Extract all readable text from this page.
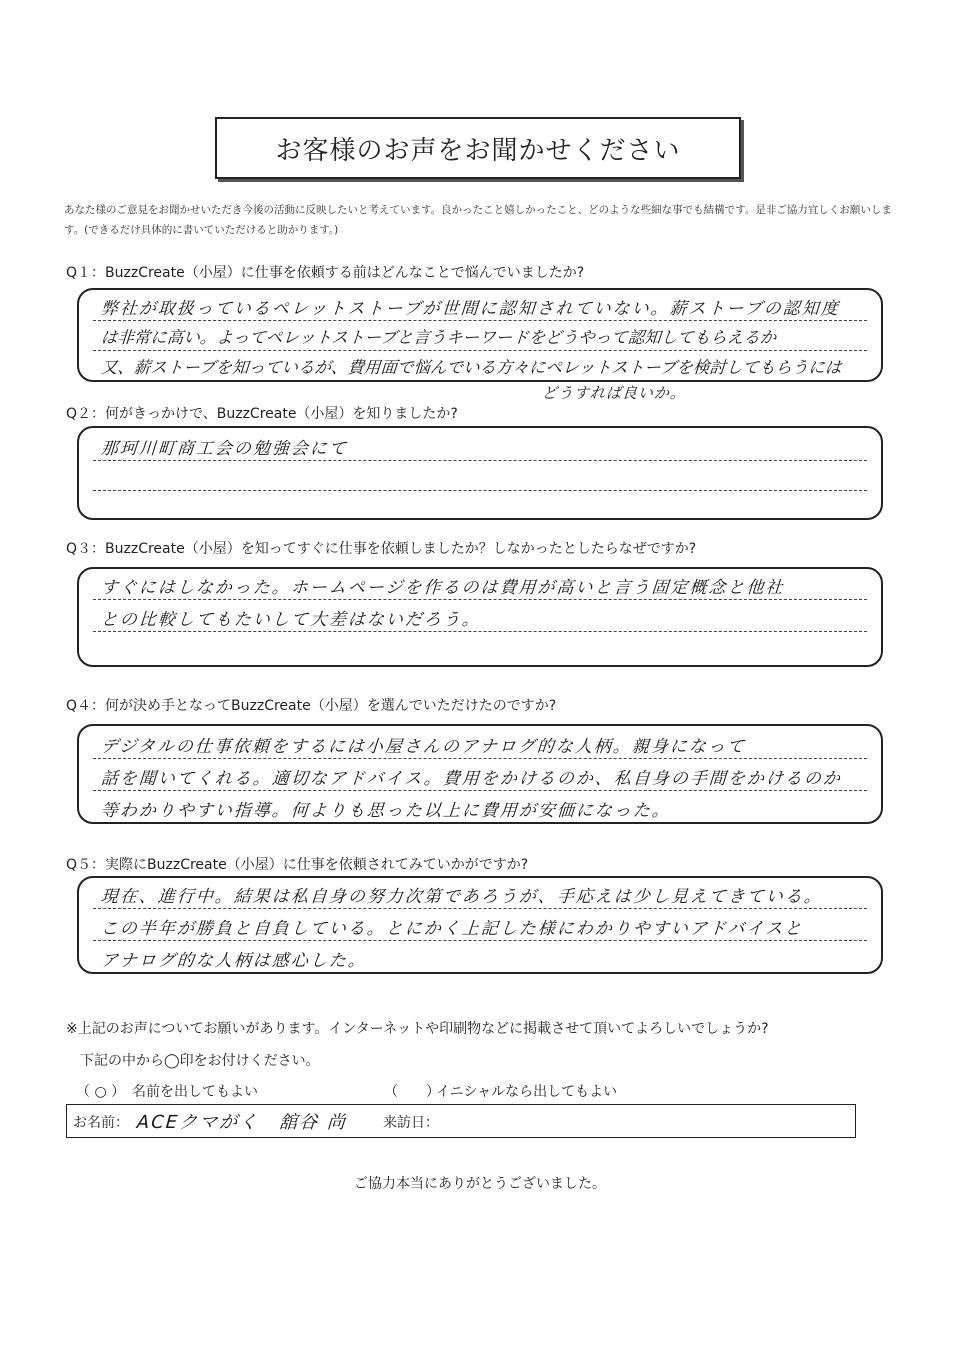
お客様のお声をお聞かせください
あなた様のご意見をお聞かせいただき今後の活動に反映したいと考えています。良かったこと嬉しかったこと、どのような些細な事でも結構です。是非ご協力宜しくお願いします。(できるだけ具体的に書いていただけると助かります。)
Q１：BuzzCreate（小屋）に仕事を依頼する前はどんなことで悩んでいましたか?
弊社が取扱っているペレットストーブが世間に認知されていない。薪ストーブの認知度
は非常に高い。よってペレットストーブと言うキーワードをどうやって認知してもらえるか
又、薪ストーブを知っているが、費用面で悩んでいる方々にペレットストーブを検討してもらうには
どうすれば良いか。
Q２：何がきっかけで、BuzzCreate（小屋）を知りましたか?
那珂川町商工会の勉強会にて
Q３：BuzzCreate（小屋）を知ってすぐに仕事を依頼しましたか？しなかったとしたらなぜですか?
すぐにはしなかった。ホームページを作るのは費用が高いと言う固定概念と他社
との比較してもたいして大差はないだろう。
Q４：何が決め手となってBuzzCreate（小屋）を選んでいただけたのですか?
デジタルの仕事依頼をするには小屋さんのアナログ的な人柄。親身になって
話を聞いてくれる。適切なアドバイス。費用をかけるのか、私自身の手間をかけるのか
等わかりやすい指導。何よりも思った以上に費用が安価になった。
Q５：実際にBuzzCreate（小屋）に仕事を依頼されてみていかがですか?
現在、進行中。結果は私自身の努力次第であろうが、手応えは少し見えてきている。
この半年が勝負と自負している。とにかく上記した様にわかりやすいアドバイスと
アナログ的な人柄は感心した。
※上記のお声についてお願いがあります。インターネットや印刷物などに掲載させて頂いてよろしいでしょうか?
下記の中から◯印をお付けください。
（ ○ ） 名前を出してもよい	（　　）
イニシャルなら出してもよい
お名前： ACEクマがく　舘谷 尚	来訪日：
ご協力本当にありがとうございました。
